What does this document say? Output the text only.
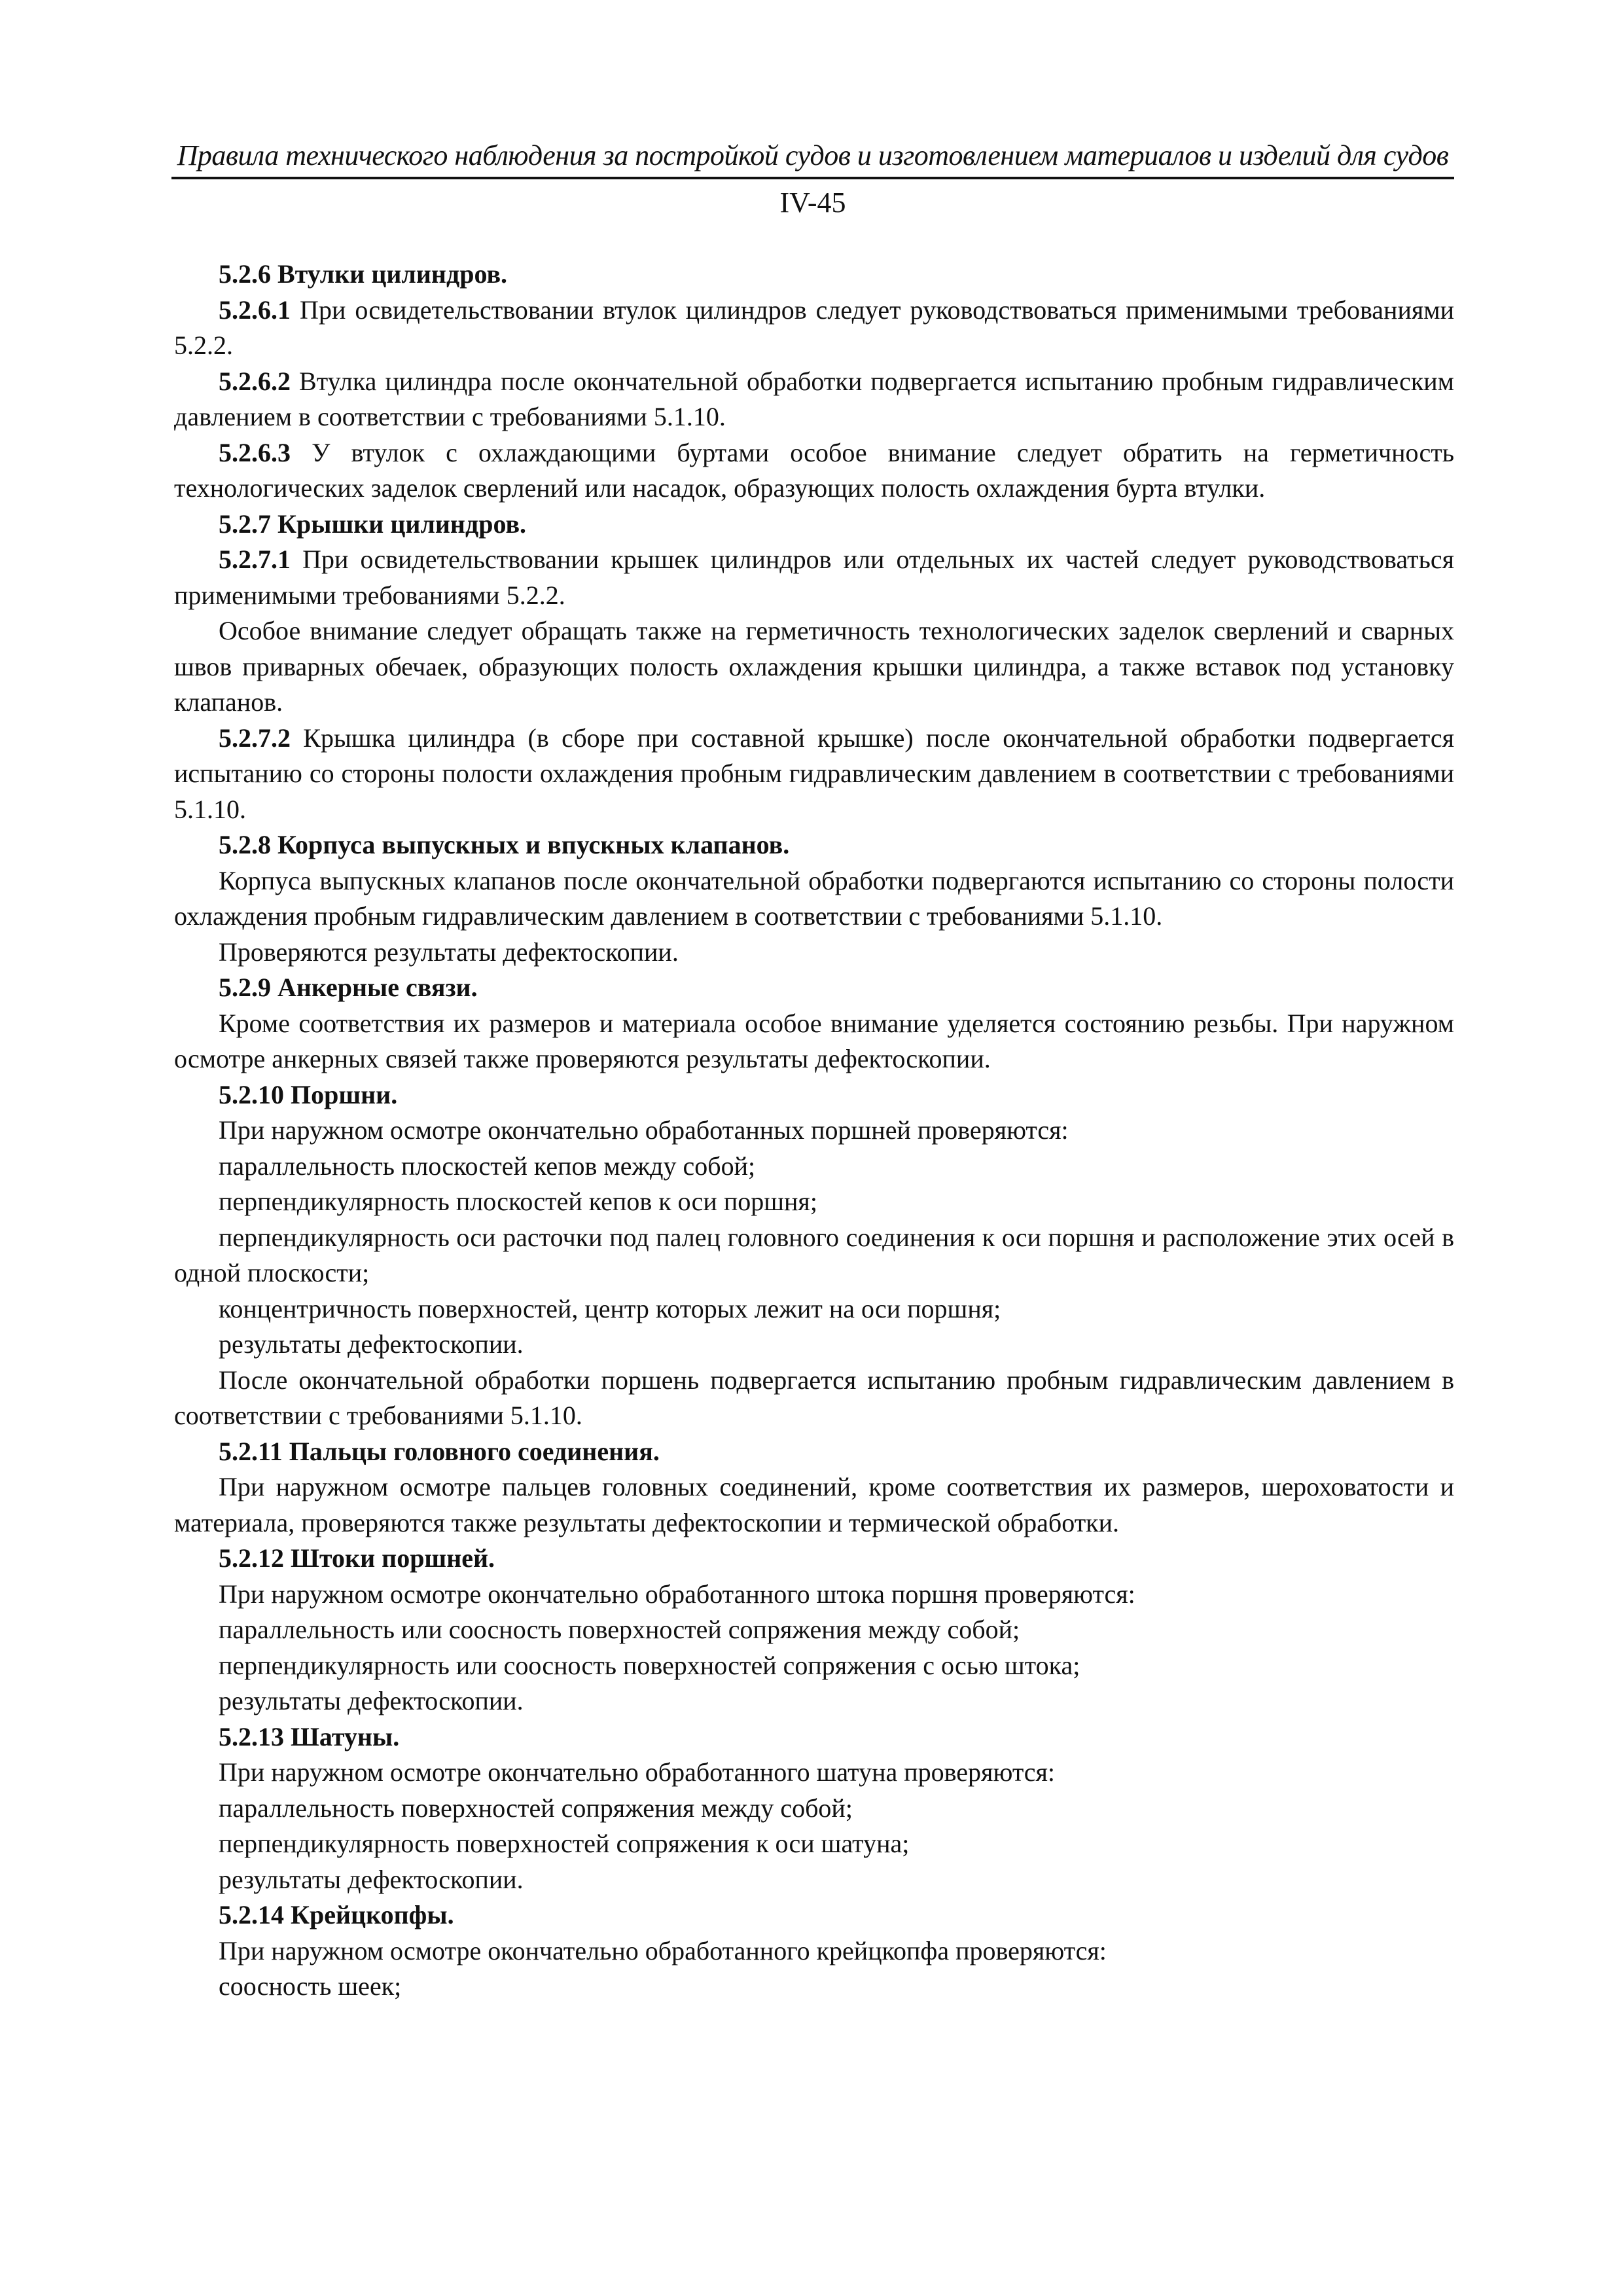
Правила технического наблюдения за постройкой судов и изготовлением материалов и изделий для судов
IV-45

5.2.6 Втулки цилиндров.

5.2.6.1 При освидетельствовании втулок цилиндров следует руководствоваться применимыми требованиями 5.2.2.

5.2.6.2 Втулка цилиндра после окончательной обработки подвергается испытанию пробным гидравлическим давлением в соответствии с требованиями 5.1.10.

5.2.6.3 У втулок с охлаждающими буртами особое внимание следует обратить на герметичность технологических заделок сверлений или насадок, образующих полость охлаждения бурта втулки.

5.2.7 Крышки цилиндров.

5.2.7.1 При освидетельствовании крышек цилиндров или отдельных их частей следует руководствоваться применимыми требованиями 5.2.2.

Особое внимание следует обращать также на герметичность технологических заделок сверлений и сварных швов приварных обечаек, образующих полость охлаждения крышки цилиндра, а также вставок под установку клапанов.

5.2.7.2 Крышка цилиндра (в сборе при составной крышке) после окончательной обработки подвергается испытанию со стороны полости охлаждения пробным гидравлическим давлением в соответствии с требованиями 5.1.10.

5.2.8 Корпуса выпускных и впускных клапанов.

Корпуса выпускных клапанов после окончательной обработки подвергаются испытанию со стороны полости охлаждения пробным гидравлическим давлением в соответствии с требованиями 5.1.10.

Проверяются результаты дефектоскопии.

5.2.9 Анкерные связи.

Кроме соответствия их размеров и материала особое внимание уделяется состоянию резьбы. При наружном осмотре анкерных связей также проверяются результаты дефектоскопии.

5.2.10 Поршни.

При наружном осмотре окончательно обработанных поршней проверяются:

параллельность плоскостей кепов между собой;

перпендикулярность плоскостей кепов к оси поршня;

перпендикулярность оси расточки под палец головного соединения к оси поршня и расположение этих осей в одной плоскости;

концентричность поверхностей, центр которых лежит на оси поршня;

результаты дефектоскопии.

После окончательной обработки поршень подвергается испытанию пробным гидравлическим давлением в соответствии с требованиями 5.1.10.

5.2.11 Пальцы головного соединения.

При наружном осмотре пальцев головных соединений, кроме соответствия их размеров, шероховатости и материала, проверяются также результаты дефектоскопии и термической обработки.

5.2.12 Штоки поршней.

При наружном осмотре окончательно обработанного штока поршня проверяются:

параллельность или соосность поверхностей сопряжения между собой;

перпендикулярность или соосность поверхностей сопряжения с осью штока;

результаты дефектоскопии.

5.2.13 Шатуны.

При наружном осмотре окончательно обработанного шатуна проверяются:

параллельность поверхностей сопряжения между собой;

перпендикулярность поверхностей сопряжения к оси шатуна;

результаты дефектоскопии.

5.2.14 Крейцкопфы.

При наружном осмотре окончательно обработанного крейцкопфа проверяются:

соосность шеек;
